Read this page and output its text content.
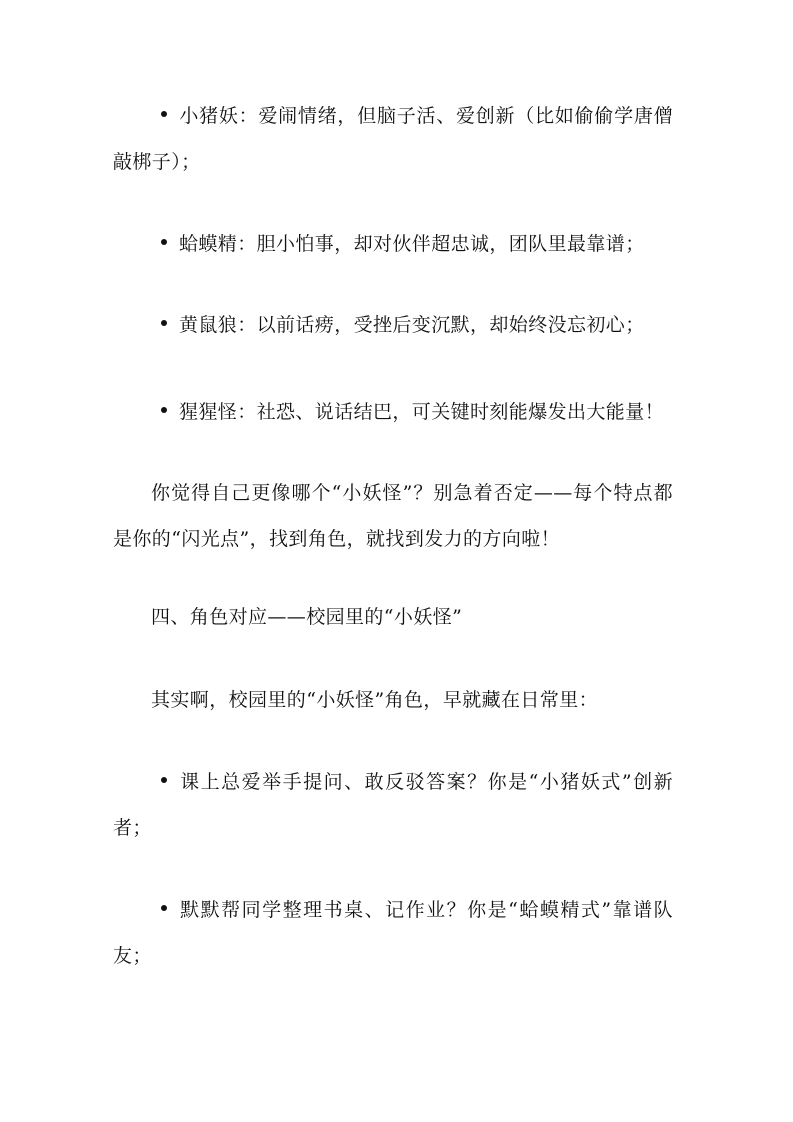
小猪妖：爱闹情绪，但脑子活、爱创新（比如偷偷学唐僧敲梆子）；

蛤蟆精：胆小怕事，却对伙伴超忠诚，团队里最靠谱；

黄鼠狼：以前话痨，受挫后变沉默，却始终没忘初心；

猩猩怪：社恐、说话结巴，可关键时刻能爆发出大能量！

你觉得自己更像哪个“小妖怪”？别急着否定——每个特点都是你的“闪光点”，找到角色，就找到发力的方向啦！

四、角色对应——校园里的“小妖怪”

其实啊，校园里的“小妖怪”角色，早就藏在日常里：

课上总爱举手提问、敢反驳答案？你是“小猪妖式”创新者；

默默帮同学整理书桌、记作业？你是“蛤蟆精式”靠谱队友；
